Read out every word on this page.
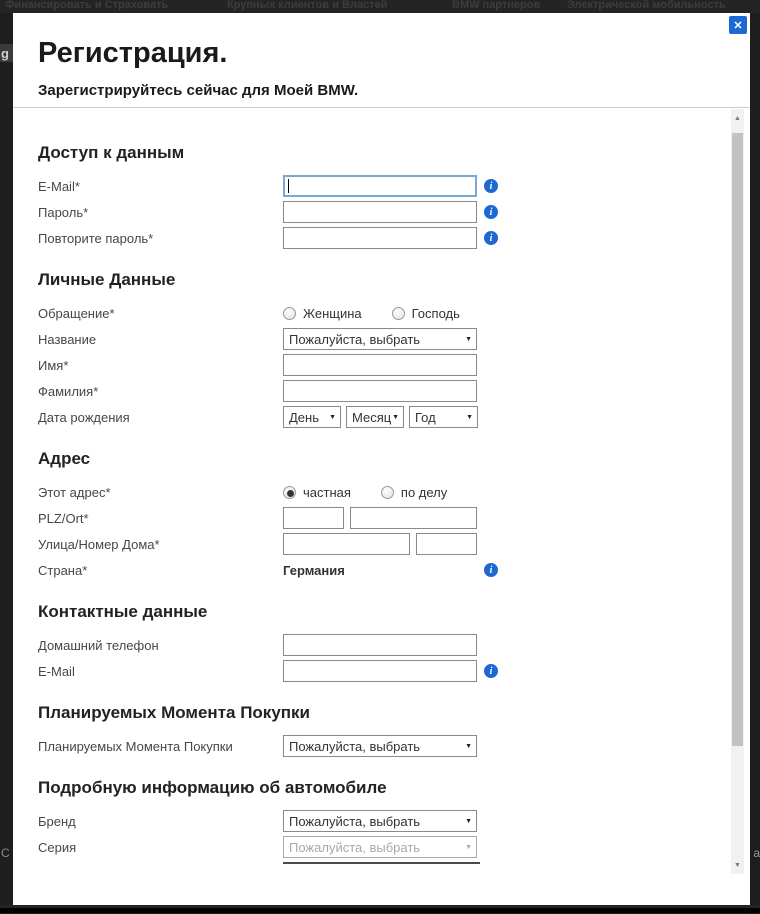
Финансировать и Страховать	Крупных клиентов и Властей	BMW партнеров Электрической мобильность
g
С	a
Регистрация.

Зарегистрируйтесь сейчас для Моей BMW.

✕
Доступ к данным
E-Mail*	i
Пароль*	i
Повторите пароль*	i
Личные Данные
Обращение*	Женщина	Господь
Название	Пожалуйста, выбрать	▼
Имя*
Фамилия*
Дата рождения	День ▼ Месяц ▼ Год	▼
Адрес
Этот адрес*	частная	по делу
PLZ/Ort*
Улица/Номер Дома*
Страна*	Германия	i
Контактные данные
Домашний телефон
E-Mail	i
Планируемых Момента Покупки
Планируемых Момента Покупки	Пожалуйста, выбрать	▼
Подробную информацию об автомобиле
Бренд	Пожалуйста, выбрать	▼
Серия	Пожалуйста, выбрать	▼
▲
▼
